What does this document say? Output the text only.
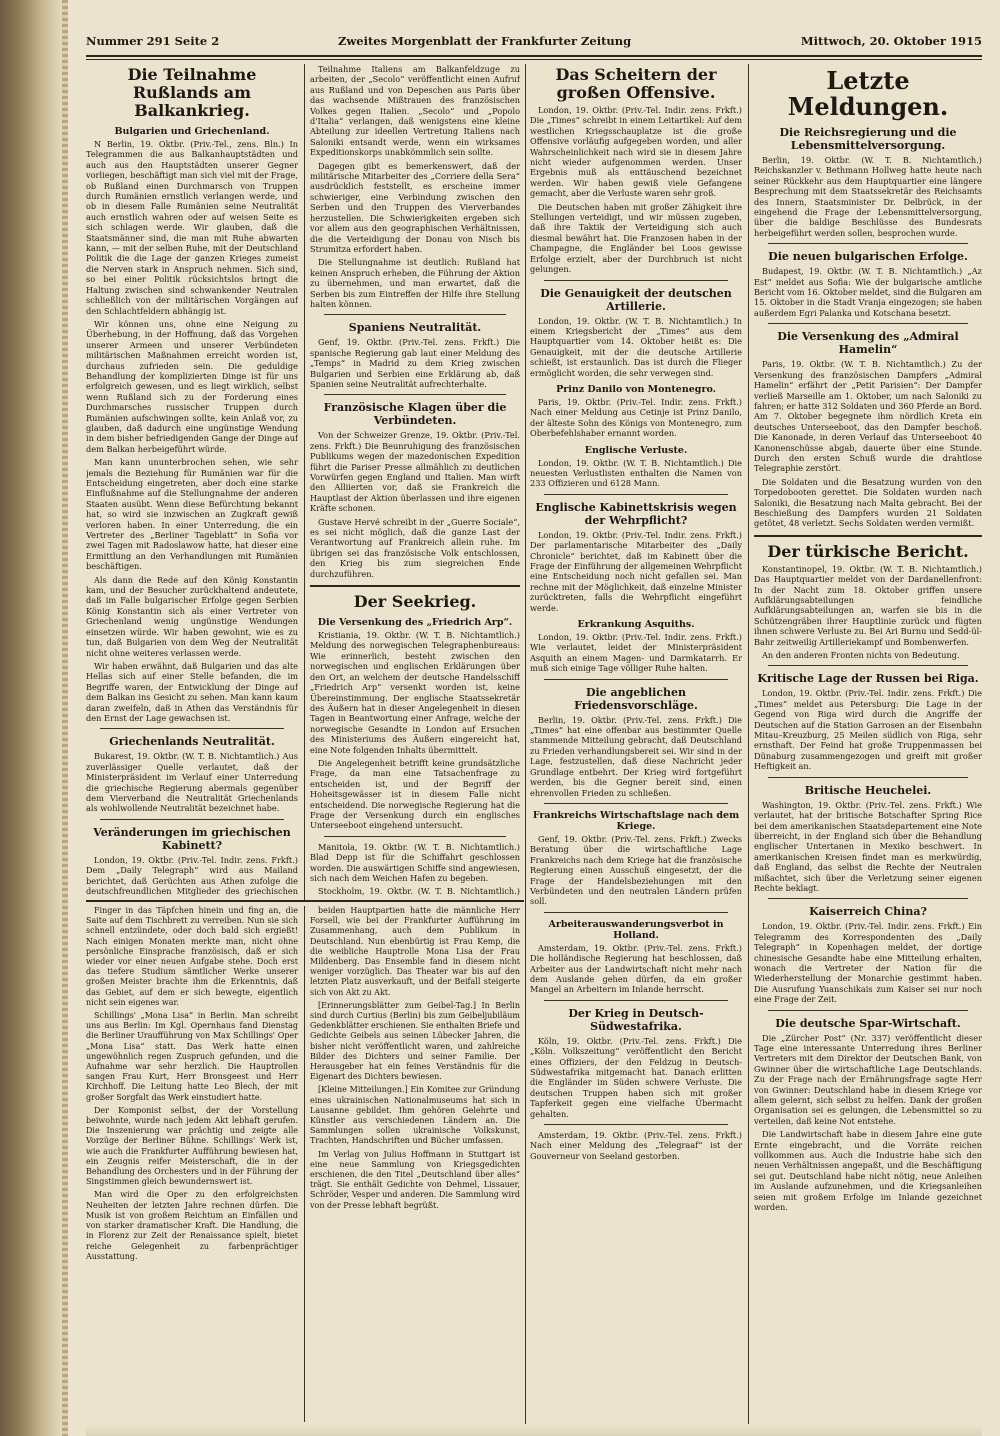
Nummer 291 Seite 2	Zweites Morgenblatt der Frankfurter Zeitung	Mittwoch, 20. Oktober 1915
Die Teilnahme Rußlands am Balkankrieg.
Bulgarien und Griechenland.

N Berlin, 19. Oktbr. (Priv.-Tel., zens. Bln.) In Telegrammen die aus Balkanhauptstädten und auch aus den Hauptstädten unserer Gegner vorliegen, beschäftigt man sich viel mit der Frage, ob Rußland einen Durchmarsch von Truppen durch Rumänien ernstlich verlangen werde, und ob in diesem Falle Rumänien seine Neutralität auch ernstlich wahren oder auf weisen Seite es sich schlagen werde. Wir glauben, daß die Staatsmänner sind, die man mit Ruhe abwarten kann, — mit der selben Ruhe, mit der Deutschland Politik die die Lage der ganzen Krieges zumeist die Nerven stark in Anspruch nehmen. Sich sind, so bei einer Politik rücksichtslos bringt die Haltung zwischen sind schwankender Neutralen schließlich von der militärischen Vorgängen auf den Schlachtfeldern abhängig ist.

Wir können uns, ohne eine Neigung zu Überhebung, in der Hoffnung, daß das Vorgehen unserer Armeen und unserer Verbündeten militärischen Maßnahmen erreicht worden ist, durchaus zufrieden sein. Die geduldige Behandlung der komplizierten Dinge ist für uns erfolgreich gewesen, und es liegt wirklich, selbst wenn Rußland sich zu der Forderung eines Durchmarsches russischer Truppen durch Rumänien aufschwingen sollte, kein Anlaß vor, zu glauben, daß dadurch eine ungünstige Wendung in dem bisher befriedigenden Gange der Dinge auf dem Balkan herbeigeführt würde.

Man kann ununterbrochen sehen, wie sehr jemals die Beziehung für Rumänien war für die Entscheidung eingetreten, aber doch eine starke Einflußnahme auf die Stellungnahme der anderen Staaten ausübt. Wenn diese Befürchtung bekannt hat, so wird sie inzwischen an Zugkraft gewiß verloren haben. In einer Unterredung, die ein Vertreter des „Berliner Tageblatt“ in Sofia vor zwei Tagen mit Radoslawow hatte, hat dieser eine Ermittlung an den Verhandlungen mit Rumänien beschäftigen.

Als dann die Rede auf den König Konstantin kam, und der Besucher zurückhaltend andeutete, daß im Falle bulgarischer Erfolge gegen Serbien König Konstantin sich als einer Vertreter von Griechenland wenig ungünstige Wendungen einsetzen würde. Wir haben gewohnt, wie es zu tun, daß Bulgarien von dem Weg der Neutralität nicht ohne weiteres verlassen werde.

Wir haben erwähnt, daß Bulgarien und das alte Hellas sich auf einer Stelle befanden, die im Begriffe waren, der Entwicklung der Dinge auf dem Balkan ins Gesicht zu sehen. Man kann kaum daran zweifeln, daß in Athen das Verständnis für den Ernst der Lage gewachsen ist.

Griechenlands Neutralität.

Bukarest, 19. Oktbr. (W. T. B. Nichtamtlich.) Aus zuverlässiger Quelle verlautet, daß der Ministerpräsident im Verlauf einer Unterredung die griechische Regierung abermals gegenüber dem Vierverband die Neutralität Griechenlands als wohlwollende Neutralität bezeichnet habe.

Veränderungen im griechischen Kabinett?

London, 19. Oktbr. (Priv.-Tel. Indir. zens. Frkft.) Dem „Daily Telegraph“ wird aus Mailand berichtet, daß Gerüchten aus Athen zufolge die deutschfreundlichen Mitglieder des griechischen

Teilnahme Italiens am Balkanfeldzuge zu arbeiten, der „Secolo“ veröffentlicht einen Aufruf aus Rußland und von Depeschen aus Paris über das wachsende Mißtrauen des französischen Volkes gegen Italien. „Secolo“ und „Popolo d'Italia“ verlangen, daß wenigstens eine kleine Abteilung zur ideellen Vertretung Italiens nach Saloniki entsandt werde, wenn ein wirksames Expeditionskorps unabkömmlich sein sollte.

Dagegen gibt es bemerkenswert, daß der militärische Mitarbeiter des „Corriere della Sera“ ausdrücklich feststellt, es erscheine immer schwieriger, eine Verbindung zwischen den Serben und den Truppen des Vierverbandes herzustellen. Die Schwierigkeiten ergeben sich vor allem aus den geographischen Verhältnissen, die die Verteidigung der Donau von Nisch bis Strumitza erfordert haben.

Die Stellungnahme ist deutlich: Rußland hat keinen Anspruch erheben, die Führung der Aktion zu übernehmen, und man erwartet, daß die Serben bis zum Eintreffen der Hilfe ihre Stellung halten können.

Spaniens Neutralität.

Genf, 19. Oktbr. (Priv.-Tel. zens. Frkft.) Die spanische Regierung gab laut einer Meldung des „Temps“ in Madrid zu dem Krieg zwischen Bulgarien und Serbien eine Erklärung ab, daß Spanien seine Neutralität aufrechterhalte.

Französische Klagen über die Verbündeten.

Von der Schweizer Grenze, 19. Oktbr. (Priv.-Tel. zens. Frkft.) Die Beunruhigung des französischen Publikums wegen der mazedonischen Expedition führt die Pariser Presse allmählich zu deutlichen Vorwürfen gegen England und Italien. Man wirft den Alliierten vor, daß sie Frankreich die Hauptlast der Aktion überlassen und ihre eigenen Kräfte schonen.

Gustave Hervé schreibt in der „Guerre Sociale“, es sei nicht möglich, daß die ganze Last der Verantwortung auf Frankreich allein ruhe. Im übrigen sei das französische Volk entschlossen, den Krieg bis zum siegreichen Ende durchzuführen.

Der Seekrieg.
Die Versenkung des „Friedrich Arp“.

Kristiania, 19. Oktbr. (W. T. B. Nichtamtlich.) Meldung des norwegischen Telegraphenbureaus: Wie erinnerlich, besteht zwischen den norwegischen und englischen Erklärungen über den Ort, an welchem der deutsche Handelsschiff „Friedrich Arp“ versenkt worden ist, keine Übereinstimmung. Der englische Staatssekretär des Äußern hat in dieser Angelegenheit in diesen Tagen in Beantwortung einer Anfrage, welche der norwegische Gesandte in London auf Ersuchen des Ministeriums des Äußern eingereicht hat, eine Note folgenden Inhalts übermittelt.

Die Angelegenheit betrifft keine grundsätzliche Frage, da man eine Tatsachenfrage zu entscheiden ist, und der Begriff der Hoheitsgewässer ist in diesem Falle nicht entscheidend. Die norwegische Regierung hat die Frage der Versenkung durch ein englisches Unterseeboot eingehend untersucht.

Manitola, 19. Oktbr. (W. T. B. Nichtamtlich.) Blad Depp ist für die Schiffahrt geschlossen worden. Die auswärtigen Schiffe sind angewiesen, sich nach dem Weichen Hafen zu begeben.

Stockholm, 19. Oktbr. (W. T. B. Nichtamtlich.)

Das Scheitern der großen Offensive.

London, 19. Oktbr. (Priv.-Tel. Indir. zens. Frkft.) Die „Times“ schreibt in einem Leitartikel: Auf dem westlichen Kriegsschauplatze ist die große Offensive vorläufig aufgegeben worden, und aller Wahrscheinlichkeit nach wird sie in diesem Jahre nicht wieder aufgenommen werden. Unser Ergebnis muß als enttäuschend bezeichnet werden. Wir haben gewiß viele Gefangene gemacht, aber die Verluste waren sehr groß.

Die Deutschen haben mit großer Zähigkeit ihre Stellungen verteidigt, und wir müssen zugeben, daß ihre Taktik der Verteidigung sich auch diesmal bewährt hat. Die Franzosen haben in der Champagne, die Engländer bei Loos gewisse Erfolge erzielt, aber der Durchbruch ist nicht gelungen.

Die Genauigkeit der deutschen Artillerie.

London, 19. Oktbr. (W. T. B. Nichtamtlich.) In einem Kriegsbericht der „Times“ aus dem Hauptquartier vom 14. Oktober heißt es: Die Genauigkeit, mit der die deutsche Artillerie schießt, ist erstaunlich. Das ist durch die Flieger ermöglicht worden, die sehr verwegen sind.

Prinz Danilo von Montenegro.

Paris, 19. Oktbr. (Priv.-Tel. Indir. zens. Frkft.) Nach einer Meldung aus Cetinje ist Prinz Danilo, der älteste Sohn des Königs von Montenegro, zum Oberbefehlshaber ernannt worden.

Englische Verluste.

London, 19. Oktbr. (W. T. B. Nichtamtlich.) Die neuesten Verlustlisten enthalten die Namen von 233 Offizieren und 6128 Mann.

Englische Kabinettskrisis wegen der Wehrpflicht?

London, 19. Oktbr. (Priv.-Tel. Indir. zens. Frkft.) Der parlamentarische Mitarbeiter des „Daily Chronicle“ berichtet, daß im Kabinett über die Frage der Einführung der allgemeinen Wehrpflicht eine Entscheidung noch nicht gefallen sei. Man rechne mit der Möglichkeit, daß einzelne Minister zurücktreten, falls die Wehrpflicht eingeführt werde.

Erkrankung Asquiths.

London, 19. Oktbr. (Priv.-Tel. Indir. zens. Frkft.) Wie verlautet, leidet der Ministerpräsident Asquith an einem Magen- und Darmkatarrh. Er muß sich einige Tage völliger Ruhe halten.

Die angeblichen Friedensvorschläge.

Berlin, 19. Oktbr. (Priv.-Tel. zens. Frkft.) Die „Times“ hat eine offenbar aus bestimmter Quelle stammende Mitteilung gebracht, daß Deutschland zu Frieden verhandlungsbereit sei. Wir sind in der Lage, festzustellen, daß diese Nachricht jeder Grundlage entbehrt. Der Krieg wird fortgeführt werden, bis die Gegner bereit sind, einen ehrenvollen Frieden zu schließen.

Frankreichs Wirtschaftslage nach dem Kriege.

Genf, 19. Oktbr. (Priv.-Tel. zens. Frkft.) Zwecks Beratung über die wirtschaftliche Lage Frankreichs nach dem Kriege hat die französische Regierung einen Ausschuß eingesetzt, der die Frage der Handelsbeziehungen mit den Verbündeten und den neutralen Ländern prüfen soll.

Arbeiterauswanderungsverbot in Holland.

Amsterdam, 19. Oktbr. (Priv.-Tel. zens. Frkft.) Die holländische Regierung hat beschlossen, daß Arbeiter aus der Landwirtschaft nicht mehr nach dem Auslande gehen dürfen, da ein großer Mangel an Arbeitern im Inlande herrscht.

Der Krieg in Deutsch-Südwestafrika.

Köln, 19. Oktbr. (Priv.-Tel. zens. Frkft.) Die „Köln. Volkszeitung“ veröffentlicht den Bericht eines Offiziers, der den Feldzug in Deutsch-Südwestafrika mitgemacht hat. Danach erlitten die Engländer im Süden schwere Verluste. Die deutschen Truppen haben sich mit großer Tapferkeit gegen eine vielfache Übermacht gehalten.

Amsterdam, 19. Oktbr. (Priv.-Tel. zens. Frkft.) Nach einer Meldung des „Telegraaf“ ist der Gouverneur von Seeland gestorben.

Letzte Meldungen.
Die Reichsregierung und die Lebensmittelversorgung.

Berlin, 19. Oktbr. (W. T. B. Nichtamtlich.) Reichskanzler v. Bethmann Hollweg hatte heute nach seiner Rückkehr aus dem Hauptquartier eine längere Besprechung mit dem Staatssekretär des Reichsamts des Innern, Staatsminister Dr. Delbrück, in der eingehend die Frage der Lebensmittelversorgung, über die baldige Beschlüsse des Bundesrats herbeigeführt werden sollen, besprochen wurde.

Die neuen bulgarischen Erfolge.

Budapest, 19. Oktbr. (W. T. B. Nichtamtlich.) „Az Est“ meldet aus Sofia: Wie der bulgarische amtliche Bericht vom 16. Oktober meldet, sind die Bulgaren am 15. Oktober in die Stadt Vranja eingezogen; sie haben außerdem Egri Palanka und Kotschana besetzt.

Die Versenkung des „Admiral Hamelin“

Paris, 19. Oktbr. (W. T. B. Nichtamtlich.) Zu der Versenkung des französischen Dampfers „Admiral Hamelin“ erfährt der „Petit Parisien“: Der Dampfer verließ Marseille am 1. Oktober, um nach Saloniki zu fahren; er hatte 312 Soldaten und 360 Pferde an Bord. Am 7. Oktober begegnete ihm nördlich Kreta ein deutsches Unterseeboot, das den Dampfer beschoß. Die Kanonade, in deren Verlauf das Unterseeboot 40 Kanonenschüsse abgab, dauerte über eine Stunde. Durch den ersten Schuß wurde die drahtlose Telegraphie zerstört.

Die Soldaten und die Besatzung wurden von den Torpedobooten gerettet. Die Soldaten wurden nach Saloniki, die Besatzung nach Malta gebracht. Bei der Beschießung des Dampfers wurden 21 Soldaten getötet, 48 verletzt. Sechs Soldaten werden vermißt.

Der türkische Bericht.

Konstantinopel, 19. Oktbr. (W. T. B. Nichtamtlich.) Das Hauptquartier meldet von der Dardanellenfront: In der Nacht zum 18. Oktober griffen unsere Aufklärungsabteilungen feindliche Aufklärungsabteilungen an, warfen sie bis in die Schützengräben ihrer Hauptlinie zurück und fügten ihnen schwere Verluste zu. Bei Ari Burnu und Sedd-ül-Bahr zeitweilig Artilleriekampf und Bombenwerfen.

An den anderen Fronten nichts von Bedeutung.

Kritische Lage der Russen bei Riga.

London, 19. Oktbr. (Priv.-Tel. Indir. zens. Frkft.) Die „Times“ meldet aus Petersburg: Die Lage in der Gegend von Riga wird durch die Angriffe der Deutschen auf die Station Garrosen an der Eisenbahn Mitau–Kreuzburg, 25 Meilen südlich von Riga, sehr ernsthaft. Der Feind hat große Truppenmassen bei Dünaburg zusammengezogen und greift mit großer Heftigkeit an.

Britische Heuchelei.

Washington, 19. Oktbr. (Priv.-Tel. zens. Frkft.) Wie verlautet, hat der britische Botschafter Spring Rice bei dem amerikanischen Staatsdepartement eine Note überreicht, in der England sich über die Behandlung englischer Untertanen in Mexiko beschwert. In amerikanischen Kreisen findet man es merkwürdig, daß England, das selbst die Rechte der Neutralen mißachtet, sich über die Verletzung seiner eigenen Rechte beklagt.

Kaiserreich China?

London, 19. Oktbr. (Priv.-Tel. Indir. zens. Frkft.) Ein Telegramm des Korrespondenten des „Daily Telegraph“ in Kopenhagen meldet, der dortige chinesische Gesandte habe eine Mitteilung erhalten, wonach die Vertreter der Nation für die Wiederherstellung der Monarchie gestimmt haben. Die Ausrufung Yuanschikais zum Kaiser sei nur noch eine Frage der Zeit.

Die deutsche Spar-Wirtschaft.

Die „Zürcher Post“ (Nr. 337) veröffentlicht dieser Tage eine interessante Unterredung ihres Berliner Vertreters mit dem Direktor der Deutschen Bank, von Gwinner über die wirtschaftliche Lage Deutschlands. Zu der Frage nach der Ernährungsfrage sagte Herr von Gwinner: Deutschland habe in diesem Kriege vor allem gelernt, sich selbst zu helfen. Dank der großen Organisation sei es gelungen, die Lebensmittel so zu verteilen, daß keine Not entstehe.

Die Landwirtschaft habe in diesem Jahre eine gute Ernte eingebracht, und die Vorräte reichen vollkommen aus. Auch die Industrie habe sich den neuen Verhältnissen angepaßt, und die Beschäftigung sei gut. Deutschland habe nicht nötig, neue Anleihen im Auslande aufzunehmen, und die Kriegsanleihen seien mit großem Erfolge im Inlande gezeichnet worden.

Finger in das Täpfchen hinein und fing an, die Saite auf dem Tischbrett zu verreiben. Nun sie sich schnell entzündete, oder doch bald sich ergießt! Nach einigen Monaten merkte man, nicht ohne persönliche Einsprache französisch, daß er sich wieder vor einer neuen Aufgabe stehe. Doch erst das tiefere Studium sämtlicher Werke unserer großen Meister brachte ihm die Erkenntnis, daß das Gebiet, auf dem er sich bewegte, eigentlich nicht sein eigenes war.

Schillings' „Mona Lisa“ in Berlin. Man schreibt uns aus Berlin: Im Kgl. Opernhaus fand Dienstag die Berliner Uraufführung von Max Schillings' Oper „Mona Lisa“ statt. Das Werk hatte einen ungewöhnlich regen Zuspruch gefunden, und die Aufnahme war sehr herzlich. Die Hauptrollen sangen Frau Kurt, Herr Bronsgeest und Herr Kirchhoff. Die Leitung hatte Leo Blech, der mit großer Sorgfalt das Werk einstudiert hatte.

Der Komponist selbst, der der Vorstellung beiwohnte, wurde nach jedem Akt lebhaft gerufen. Die Inszenierung war prächtig und zeigte alle Vorzüge der Berliner Bühne. Schillings' Werk ist, wie auch die Frankfurter Aufführung bewiesen hat, ein Zeugnis reifer Meisterschaft, die in der Behandlung des Orchesters und in der Führung der Singstimmen gleich bewundernswert ist.

Man wird die Oper zu den erfolgreichsten Neuheiten der letzten Jahre rechnen dürfen. Die Musik ist von großem Reichtum an Einfällen und von starker dramatischer Kraft. Die Handlung, die in Florenz zur Zeit der Renaissance spielt, bietet reiche Gelegenheit zu farbenprächtiger Ausstattung.

beiden Hauptpartien hatte die männliche Herr Forsell, wie bei der Frankfurter Aufführung im Zusammenhang, auch dem Publikum in Deutschland. Nun ebenbürtig ist Frau Kemp, die die weibliche Hauptrolle Mona Lisa der Frau Mildenberg. Das Ensemble fand in diesem nicht weniger vorzüglich. Das Theater war bis auf den letzten Platz ausverkauft, und der Beifall steigerte sich von Akt zu Akt.

[Erinnerungsblätter zum Geibel-Tag.] In Berlin sind durch Curtius (Berlin) bis zum Geibeljubiläum Gedenkblätter erschienen. Sie enthalten Briefe und Gedichte Geibels aus seinen Lübecker Jahren, die bisher nicht veröffentlicht waren, und zahlreiche Bilder des Dichters und seiner Familie. Der Herausgeber hat ein feines Verständnis für die Eigenart des Dichters bewiesen.

[Kleine Mitteilungen.] Ein Komitee zur Gründung eines ukrainischen Nationalmuseums hat sich in Lausanne gebildet. Ihm gehören Gelehrte und Künstler aus verschiedenen Ländern an. Die Sammlungen sollen ukrainische Volkskunst, Trachten, Handschriften und Bücher umfassen.

Im Verlag von Julius Hoffmann in Stuttgart ist eine neue Sammlung von Kriegsgedichten erschienen, die den Titel „Deutschland über alles“ trägt. Sie enthält Gedichte von Dehmel, Lissauer, Schröder, Vesper und anderen. Die Sammlung wird von der Presse lebhaft begrüßt.
